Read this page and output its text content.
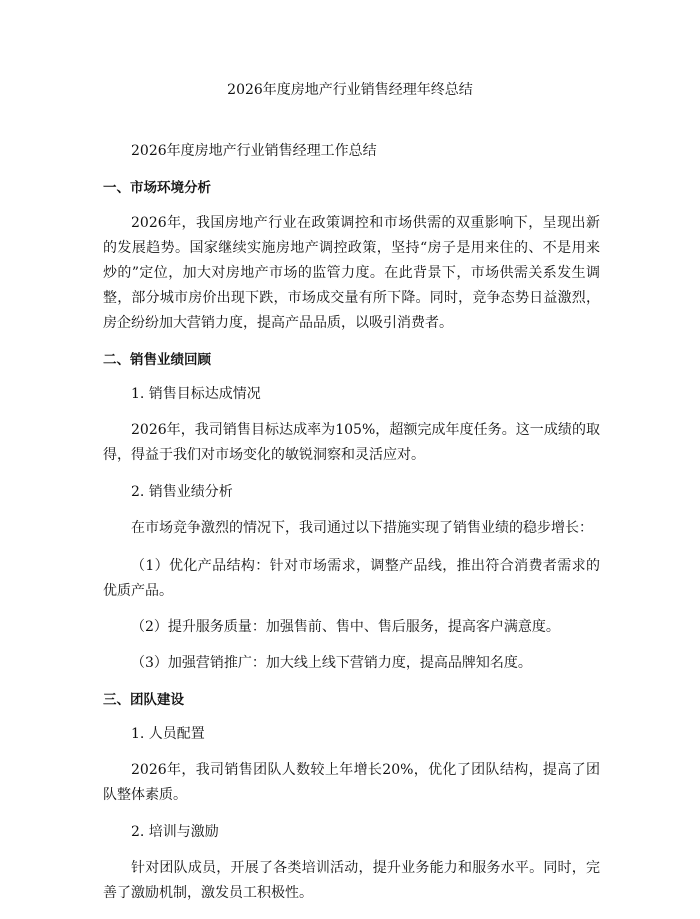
2026年度房地产行业销售经理年终总结
2026年度房地产行业销售经理工作总结
一、市场环境分析

2026年，我国房地产行业在政策调控和市场供需的双重影响下，呈现出新的发展趋势。国家继续实施房地产调控政策，坚持“房子是用来住的、不是用来炒的”定位，加大对房地产市场的监管力度。在此背景下，市场供需关系发生调整，部分城市房价出现下跌，市场成交量有所下降。同时，竞争态势日益激烈，房企纷纷加大营销力度，提高产品品质，以吸引消费者。

二、销售业绩回顾
1. 销售目标达成情况

2026年，我司销售目标达成率为105%，超额完成年度任务。这一成绩的取得，得益于我们对市场变化的敏锐洞察和灵活应对。

2. 销售业绩分析

在市场竞争激烈的情况下，我司通过以下措施实现了销售业绩的稳步增长：

（1）优化产品结构：针对市场需求，调整产品线，推出符合消费者需求的优质产品。

（2）提升服务质量：加强售前、售中、售后服务，提高客户满意度。

（3）加强营销推广：加大线上线下营销力度，提高品牌知名度。

三、团队建设
1. 人员配置

2026年，我司销售团队人数较上年增长20%，优化了团队结构，提高了团队整体素质。

2. 培训与激励

针对团队成员，开展了各类培训活动，提升业务能力和服务水平。同时，完善了激励机制，激发员工积极性。
